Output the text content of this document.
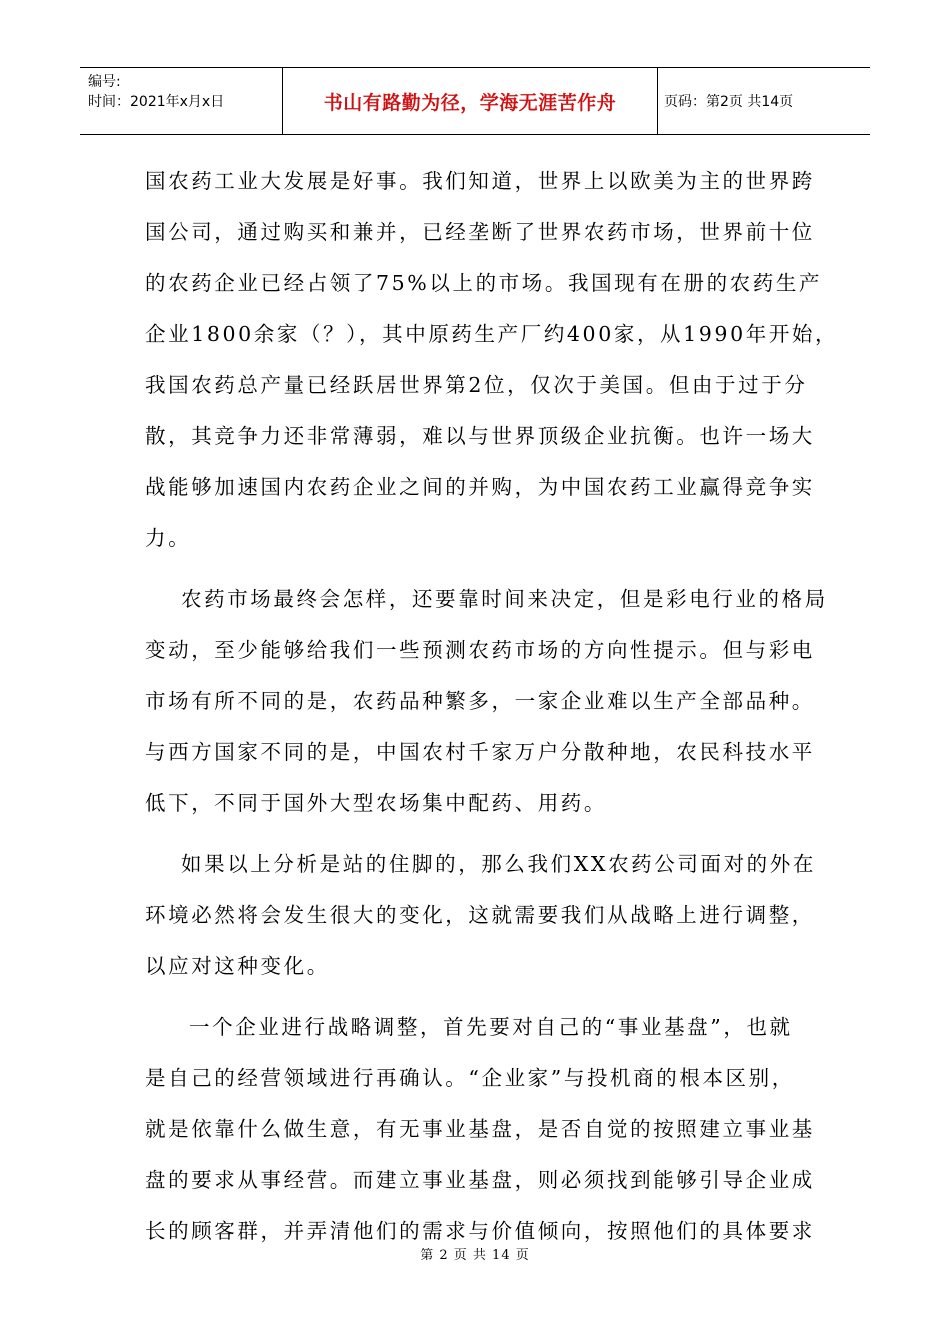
编号:
时间：2021年x月x日	书山有路勤为径，学海无涯苦作舟	页码：第2页 共14页
国农药工业大发展是好事。我们知道，世界上以欧美为主的世界跨
国公司，通过购买和兼并，已经垄断了世界农药市场，世界前十位
的农药企业已经占领了75%以上的市场。我国现有在册的农药生产
企业1800余家（？），其中原药生产厂约400家，从1990年开始，
我国农药总产量已经跃居世界第2位，仅次于美国。但由于过于分
散，其竞争力还非常薄弱，难以与世界顶级企业抗衡。也许一场大
战能够加速国内农药企业之间的并购，为中国农药工业赢得竞争实
力。
农药市场最终会怎样，还要靠时间来决定，但是彩电行业的格局
变动，至少能够给我们一些预测农药市场的方向性提示。但与彩电
市场有所不同的是，农药品种繁多，一家企业难以生产全部品种。
与西方国家不同的是，中国农村千家万户分散种地，农民科技水平
低下，不同于国外大型农场集中配药、用药。
如果以上分析是站的住脚的，那么我们XX农药公司面对的外在
环境必然将会发生很大的变化，这就需要我们从战略上进行调整，
以应对这种变化。
一个企业进行战略调整，首先要对自己的“事业基盘”，也就
是自己的经营领域进行再确认。“企业家”与投机商的根本区别，
就是依靠什么做生意，有无事业基盘，是否自觉的按照建立事业基
盘的要求从事经营。而建立事业基盘，则必须找到能够引导企业成
长的顾客群，并弄清他们的需求与价值倾向，按照他们的具体要求
第 2 页 共 14 页
